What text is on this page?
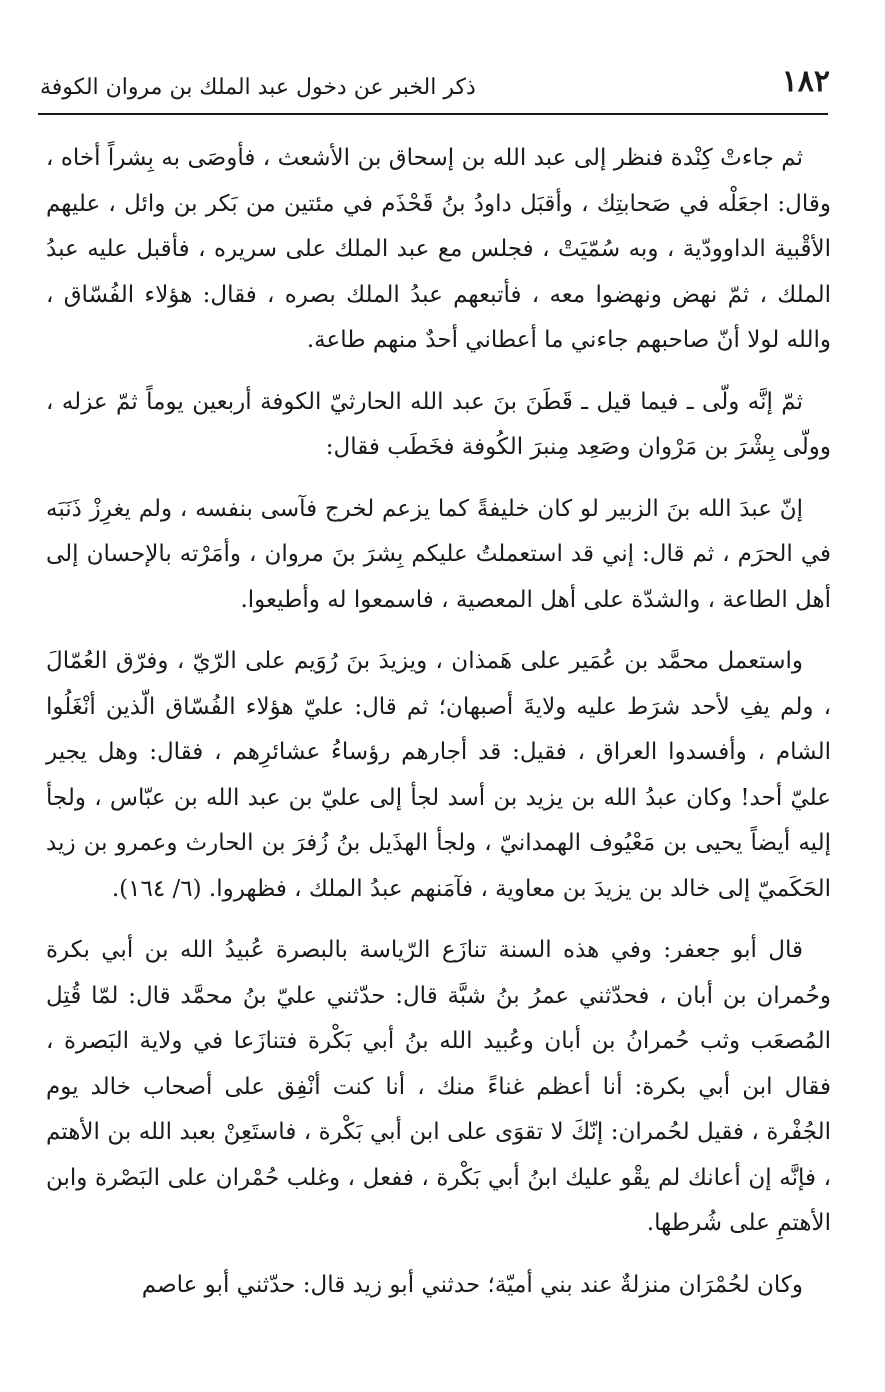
١٨٢
ذكر الخبر عن دخول عبد الملك بن مروان الكوفة

ثم جاءتْ كِنْدة فنظر إلى عبد الله بن إسحاق بن الأشعث ، فأوصَى به بِشراً أخاه ، وقال: اجعَلْه في صَحابتِك ، وأقبَل داودُ بنُ قَحْذَم في مئتين من بَكر بن وائل ، عليهم الأقْبية الداوودّية ، وبه سُمّيَتْ ، فجلس مع عبد الملك على سريره ، فأقبل عليه عبدُ الملك ، ثمّ نهض ونهضوا معه ، فأتبعهم عبدُ الملك بصره ، فقال: هؤلاء الفُسّاق ، والله لولا أنّ صاحبهم جاءني ما أعطاني أحدٌ منهم طاعة.

ثمّ إنَّه ولّى ـ فيما قيل ـ قَطَنَ بنَ عبد الله الحارثيّ الكوفة أربعين يوماً ثمّ عزله ، وولّى بِشْرَ بن مَرْوان وصَعِد مِنبرَ الكُوفة فخَطَب فقال:

إنّ عبدَ الله بنَ الزبير لو كان خليفةً كما يزعم لخرج فآسى بنفسه ، ولم يغرِزْ ذَنَبَه في الحرَم ، ثم قال: إني قد استعملتُ عليكم بِشرَ بنَ مروان ، وأمَرْته بالإحسان إلى أهل الطاعة ، والشدّة على أهل المعصية ، فاسمعوا له وأطيعوا.

واستعمل محمَّد بن عُمَير على هَمذان ، ويزيدَ بنَ رُوَيم على الرّيّ ، وفرّق العُمّالَ ، ولم يفِ لأحد شرَط عليه ولايةَ أصبهان؛ ثم قال: عليّ هؤلاء الفُسّاق الّذين أنْغَلُوا الشام ، وأفسدوا العراق ، فقيل: قد أجارهم رؤساءُ عشائرِهم ، فقال: وهل يجير عليّ أحد! وكان عبدُ الله بن يزيد بن أسد لجأ إلى عليّ بن عبد الله بن عبّاس ، ولجأ إليه أيضاً يحيى بن مَعْيُوف الهمدانيّ ، ولجأ الهذَيل بنُ زُفرَ بن الحارث وعمرو بن زيد الحَكَميّ إلى خالد بن يزيدَ بن معاوية ، فآمَنهم عبدُ الملك ، فظهروا. (٦/ ١٦٤).

قال أبو جعفر: وفي هذه السنة تنازَع الرّياسة بالبصرة عُبيدُ الله بن أبي بكرة وحُمران بن أبان ، فحدّثني عمرُ بنُ شبَّة قال: حدّثني عليّ بنُ محمَّد قال: لمّا قُتِل المُصعَب وثب حُمرانُ بن أبان وعُبيد الله بنُ أبي بَكْرة فتنازَعا في ولاية البَصرة ، فقال ابن أبي بكرة: أنا أعظم غناءً منك ، أنا كنت أنْفِق على أصحاب خالد يوم الجُفْرة ، فقيل لحُمران: إنّكَ لا تقوَى على ابن أبي بَكْرة ، فاستَعِنْ بعبد الله بن الأهتم ، فإنَّه إن أعانك لم يقْو عليك ابنُ أبي بَكْرة ، ففعل ، وغلب حُمْران على البَصْرة وابن الأهتمِ على شُرطها.

وكان لحُمْرَان منزلةٌ عند بني أميّة؛ حدثني أبو زيد قال: حدّثني أبو عاصم
